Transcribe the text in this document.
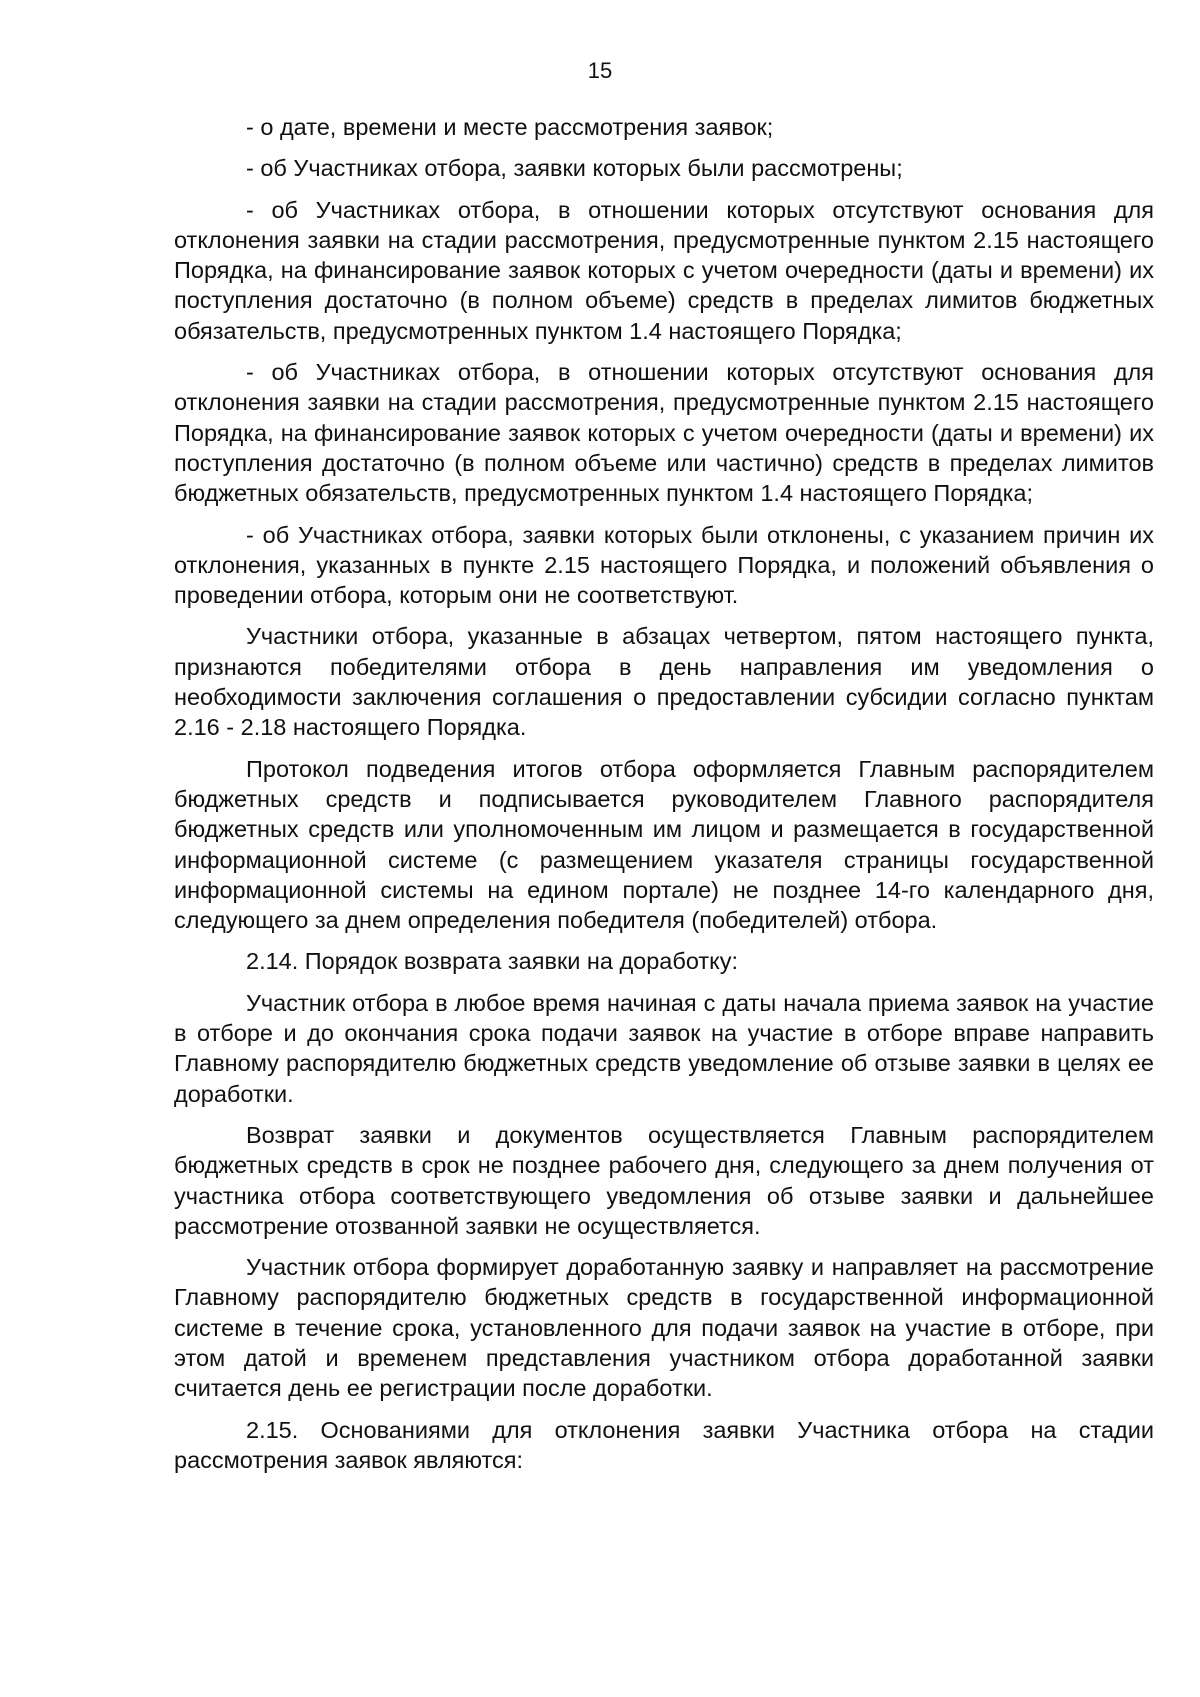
15

- о дате, времени и месте рассмотрения заявок;

- об Участниках отбора, заявки которых были рассмотрены;

- об Участниках отбора, в отношении которых отсутствуют основания для отклонения заявки на стадии рассмотрения, предусмотренные пунктом 2.15 настоящего Порядка, на финансирование заявок которых с учетом очередности (даты и времени) их поступления достаточно (в полном объеме) средств в пределах лимитов бюджетных обязательств, предусмотренных пунктом 1.4 настоящего Порядка;

- об Участниках отбора, в отношении которых отсутствуют основания для отклонения заявки на стадии рассмотрения, предусмотренные пунктом 2.15 настоящего Порядка, на финансирование заявок которых с учетом очередности (даты и времени) их поступления достаточно (в полном объеме или частично) средств в пределах лимитов бюджетных обязательств, предусмотренных пунктом 1.4 настоящего Порядка;

- об Участниках отбора, заявки которых были отклонены, с указанием причин их отклонения, указанных в пункте 2.15 настоящего Порядка, и положений объявления о проведении отбора, которым они не соответствуют.

Участники отбора, указанные в абзацах четвертом, пятом настоящего пункта, признаются победителями отбора в день направления им уведомления о необходимости заключения соглашения о предоставлении субсидии согласно пунктам 2.16 - 2.18 настоящего Порядка.

Протокол подведения итогов отбора оформляется Главным распорядителем бюджетных средств и подписывается руководителем Главного распорядителя бюджетных средств или уполномоченным им лицом и размещается в государственной информационной системе (с размещением указателя страницы государственной информационной системы на едином портале) не позднее 14-го календарного дня, следующего за днем определения победителя (победителей) отбора.

2.14. Порядок возврата заявки на доработку:

Участник отбора в любое время начиная с даты начала приема заявок на участие в отборе и до окончания срока подачи заявок на участие в отборе вправе направить Главному распорядителю бюджетных средств уведомление об отзыве заявки в целях ее доработки.

Возврат заявки и документов осуществляется Главным распорядителем бюджетных средств в срок не позднее рабочего дня, следующего за днем получения от участника отбора соответствующего уведомления об отзыве заявки и дальнейшее рассмотрение отозванной заявки не осуществляется.

Участник отбора формирует доработанную заявку и направляет на рассмотрение Главному распорядителю бюджетных средств в государственной информационной системе в течение срока, установленного для подачи заявок на участие в отборе, при этом датой и временем представления участником отбора доработанной заявки считается день ее регистрации после доработки.

2.15. Основаниями для отклонения заявки Участника отбора на стадии рассмотрения заявок являются:
